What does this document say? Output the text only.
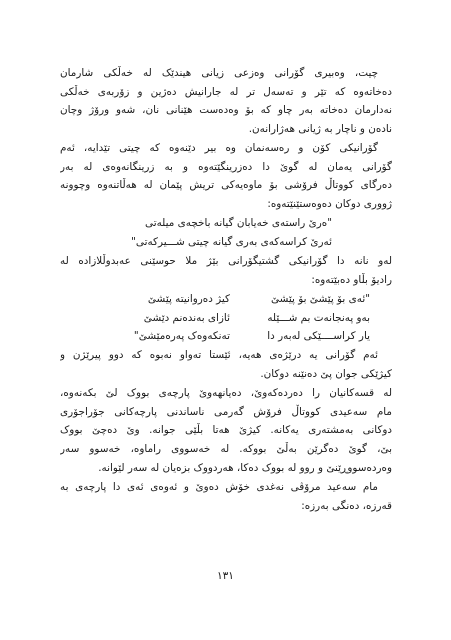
چیت، وەبیری گۆرانی وەزعی زیانی هیندێک لە خەڵکی شارمان
دەخاتەوە کە تێر و تەسەل تر لە جارانیش دەژین و زۆربەی خەڵکی
نەدارمان دەخاتە بەر چاو کە بۆ وەدەست هێنانی نان، شەو ورۆژ وچان
نادەن و ناچار بە ژیانی هەژارانەن.
گۆرانیکی کۆن و رەسەنمان وە بیر دێنەوە کە چیتی تێدایە، ئەم
گۆرانی یەمان لە گوێ دا دەزرینگێتەوە و بە زرینگانەوەی لە بەر
دەرگای کووتاڵ فرۆشی بۆ ماوەیەکی تریش پێمان لە هەڵاتنەوە وچوونە
ژووری دوکان دەوەستێنێتەوە:
"ەرێ راستەی خەیابان گیانە باخچەی میلەتی
ئەرێ کراسەکەی بەری گیانە چیتی شـــیرکەتی"
لەو نانە دا گۆرانیکی گشتیگۆرانی بێژ ملا حوسێنی عەبدوڵلازادە لە
رادیۆ بڵاو دەبێتەوە:
"ئەی بۆ پێشێ بۆ پێشێ
کیژ دەروانیتە پێشێ
بەو پەنجانەت بم شـــێلە
ئازای بەندەنم دێشێ
یار کراســــێکی لەبەر دا
تەنکەوەک پەرەمێشێ"
ئەم گۆرانی یە درێژەی هەیە، ئێستا تەواو نەبوە کە دوو پیرێژن و
کیژێکی جوان پێ دەنێنە دوکان.
لە قسەکانیان را دەردەکەوێ، دەیانهەوێ پارچەی بووک لێ بکەنەوە،
مام سەعیدی کووتاڵ فرۆش گەرمی ناساندنی پارچەکانی جۆراجۆری
دوکانی بەمشتەری یەکانە. کیژێ هەتا بڵێی جوانە. وێ دەچێ بووک
بێ، گوێ دەگرێن بەڵێ بووکە. لە خەسووی راماوە، خەسوو سەر
وەردەسووڕێنێ و روو لە بووک دەکا، هەردووک بزەیان لە سەر لێوانە.
مام سەعید مرۆڤی نەغدی خۆش دەوێ و ئەوەی ئەی دا پارچەی بە
قەرزە، دەنگی بەرزە:
١٣١
